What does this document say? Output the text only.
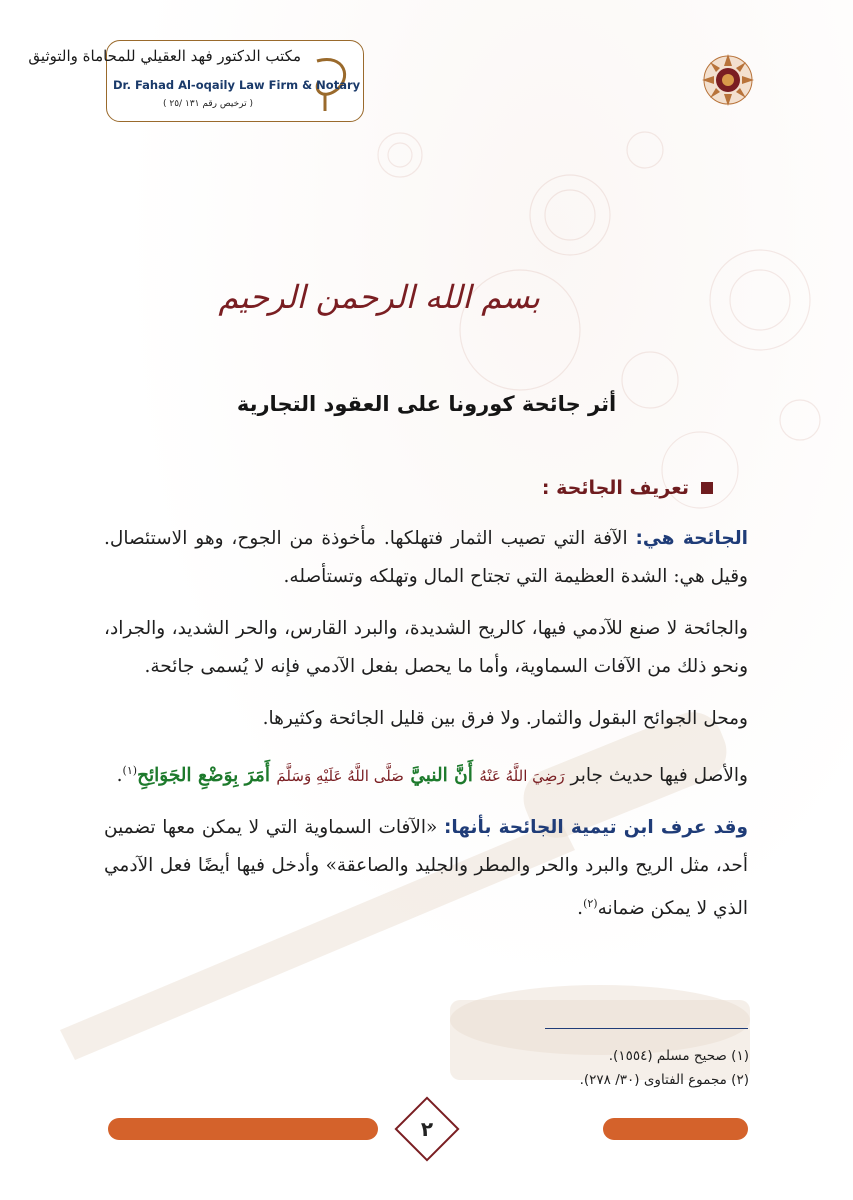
مكتب الدكتور فهد العقيلي للمحاماة والتوثيق
Dr. Fahad Al-oqaily Law Firm & Notary
( ترخيص رقم ١٣١ /٢٥ )
بسم الله الرحمن الرحيم
أثر جائحة كورونا على العقود التجارية
تعريف الجائحة :

الجائحة هي: الآفة التي تصيب الثمار فتهلكها. مأخوذة من الجوح، وهو الاستئصال. وقيل هي: الشدة العظيمة التي تجتاح المال وتهلكه وتستأصله.

والجائحة لا صنع للآدمي فيها، كالريح الشديدة، والبرد القارس، والحر الشديد، والجراد، ونحو ذلك من الآفات السماوية، وأما ما يحصل بفعل الآدمي فإنه لا يُسمى جائحة.

ومحل الجوائح البقول والثمار. ولا فرق بين قليل الجائحة وكثيرها.

والأصل فيها حديث جابر رَضِيَ اللَّهُ عَنْهُ أَنَّ النبيَّ صَلَّى اللَّهُ عَلَيْهِ وَسَلَّمَ أَمَرَ بِوَضْعِ الجَوَائِحِ$^{(١)}$.

وقد عرف ابن تيمية الجائحة بأنها: «الآفات السماوية التي لا يمكن معها تضمين أحد، مثل الريح والبرد والحر والمطر والجليد والصاعقة» وأدخل فيها أيضًا فعل الآدمي الذي لا يمكن ضمانه$^{(٢)}$.

(١) صحيح مسلم (١٥٥٤).
(٢) مجموع الفتاوى (٣٠/ ٢٧٨).
٢
